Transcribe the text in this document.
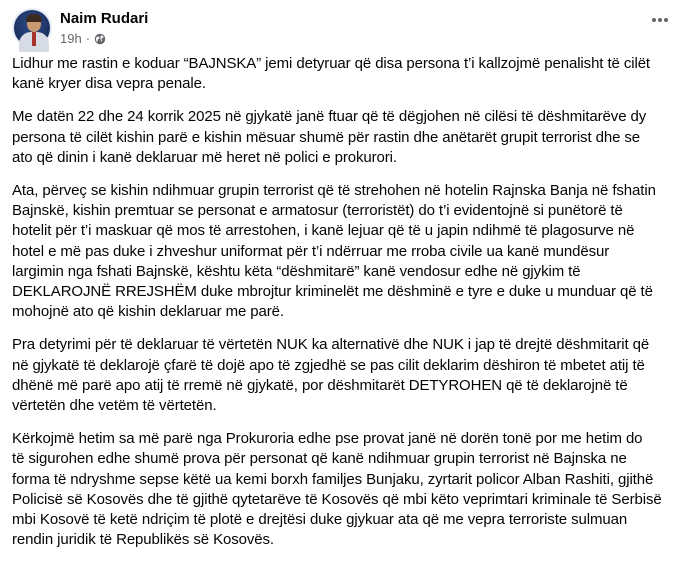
Naim Rudari
19h ·

Lidhur me rastin e koduar “BAJNSKA” jemi detyruar që disa persona t’i kallzojmë penalisht të cilët
kanë kryer disa vepra penale.

Me datën 22 dhe 24 korrik 2025 në gjykatë janë ftuar që të dëgjohen në cilësi të dëshmitarëve dy
persona të cilët kishin parë e kishin mësuar shumë për rastin dhe anëtarët grupit terrorist dhe se
ato që dinin i kanë deklaruar më heret në polici e prokurori.

Ata, përveç se kishin ndihmuar grupin terrorist që të strehohen në hotelin Rajnska Banja në fshatin
Bajnskë, kishin premtuar se personat e armatosur (terroristët) do t’i evidentojnë si punëtorë të
hotelit për t’i maskuar që mos të arrestohen, i kanë lejuar që të u japin ndihmë të plagosurve në
hotel e më pas duke i zhveshur uniformat për t’i ndërruar me rroba civile ua kanë mundësur
largimin nga fshati Bajnskë, kështu këta “dëshmitarë” kanë vendosur edhe në gjykim të
DEKLAROJNË RREJSHËM duke mbrojtur kriminelët me dëshminë e tyre e duke u munduar që të
mohojnë ato që kishin deklaruar me parë.

Pra detyrimi për të deklaruar të vërtetën NUK ka alternativë dhe NUK i jap të drejtë dëshmitarit që
në gjykatë të deklarojë çfarë të dojë apo të zgjedhë se pas cilit deklarim dëshiron të mbetet atij të
dhënë më parë apo atij të rremë në gjykatë, por dëshmitarët DETYROHEN që të deklarojnë të
vërtetën dhe vetëm të vërtetën.

Kërkojmë hetim sa më parë nga Prokuroria edhe pse provat janë në dorën tonë por me hetim do
të sigurohen edhe shumë prova për personat që kanë ndihmuar grupin terrorist në Bajnska ne
forma të ndryshme sepse këtë ua kemi borxh familjes Bunjaku, zyrtarit policor Alban Rashiti, gjithë
Policisë së Kosovës dhe të gjithë qytetarëve të Kosovës që mbi këto veprimtari kriminale të Serbisë
mbi Kosovë të ketë ndriçim të plotë e drejtësi duke gjykuar ata që me vepra terroriste sulmuan
rendin juridik të Republikës së Kosovës.
